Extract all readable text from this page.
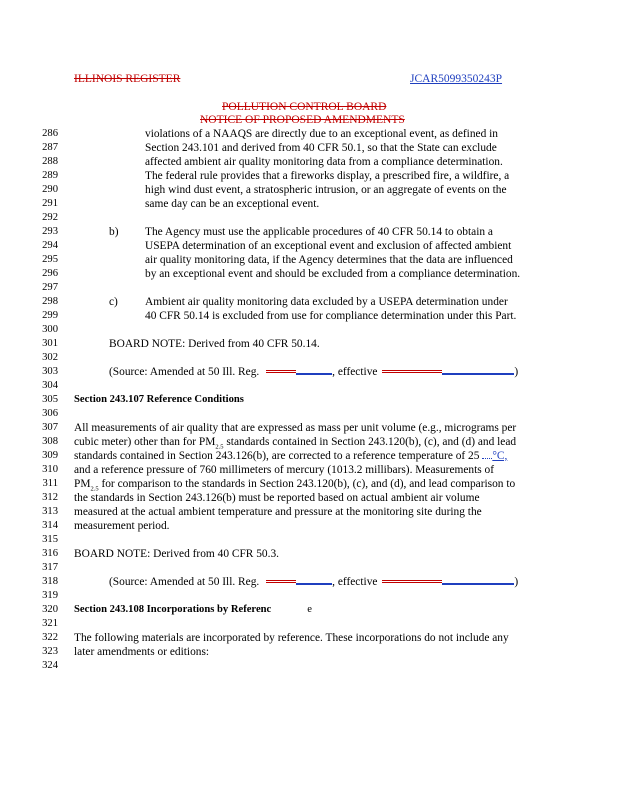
ILLINOIS REGISTER	JCAR5099350243P
POLLUTION CONTROL BOARD
NOTICE OF PROPOSED AMENDMENTS
286
287
288
289
290
291
292
293
294
295
296
297
298
299
300
301
302
303
304
305
306
307
308
309
310
311
312
313
314
315
316
317
318
319
320
321
322
323
324
violations of a NAAQS are directly due to an exceptional event, as defined in
Section 243.101 and derived from 40 CFR 50.1, so that the State can exclude
affected ambient air quality monitoring data from a compliance determination.
The federal rule provides that a fireworks display, a prescribed fire, a wildfire, a
high wind dust event, a stratospheric intrusion, or an aggregate of events on the
same day can be an exceptional event.
b) The Agency must use the applicable procedures of 40 CFR 50.14 to obtain a
USEPA determination of an exceptional event and exclusion of affected ambient
air quality monitoring data, if the Agency determines that the data are influenced
by an exceptional event and should be excluded from a compliance determination.
c) Ambient air quality monitoring data excluded by a USEPA determination under
40 CFR 50.14 is excluded from use for compliance determination under this Part.
BOARD NOTE: Derived from 40 CFR 50.14.
(Source: Amended at 50 Ill. Reg.	, effective	)
Section 243.107 Reference Conditions
All measurements of air quality that are expressed as mass per unit volume (e.g., micrograms per
cubic meter) other than for $PM_{2.5}$ standards contained in Section 243.120(b), (c), and (d) and lead
standards contained in Section 243.126(b), are corrected to a reference temperature of 25 °C,
and a reference pressure of 760 millimeters of mercury (1013.2 millibars). Measurements of
$PM_{2.5}$ for comparison to the standards in Section 243.120(b), (c), and (d), and lead comparison to
the standards in Section 243.126(b) must be reported based on actual ambient air volume
measured at the actual ambient temperature and pressure at the monitoring site during the
measurement period.
BOARD NOTE: Derived from 40 CFR 50.3.
(Source: Amended at 50 Ill. Reg.	, effective	)
Section 243.108 Incorporations by Referenc	e
The following materials are incorporated by reference. These incorporations do not include any
later amendments or editions:
